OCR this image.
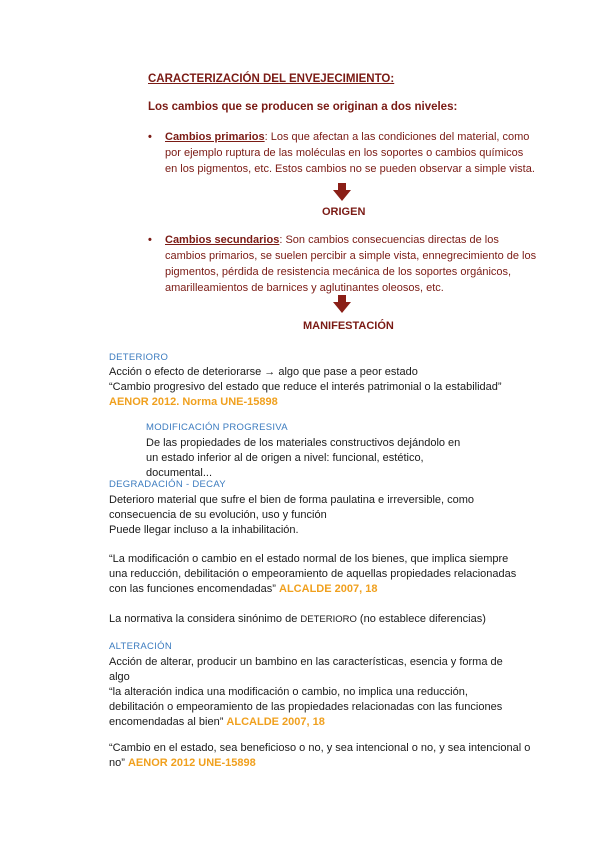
CARACTERIZACIÓN DEL ENVEJECIMIENTO:
Los cambios que se producen se originan a dos niveles:
• Cambios primarios: Los que afectan a las condiciones del material, como por ejemplo ruptura de las moléculas en los soportes o cambios químicos en los pigmentos, etc. Estos cambios no se pueden observar a simple vista.
ORIGEN
• Cambios secundarios: Son cambios consecuencias directas de los cambios primarios, se suelen percibir a simple vista, ennegrecimiento de los pigmentos, pérdida de resistencia mecánica de los soportes orgánicos, amarilleamientos de barnices y aglutinantes oleosos, etc.
MANIFESTACIÓN
DETERIORO
Acción o efecto de deteriorarse → algo que pase a peor estado
“Cambio progresivo del estado que reduce el interés patrimonial o la estabilidad”
AENOR 2012. Norma UNE-15898
MODIFICACIÓN PROGRESIVA
De las propiedades de los materiales constructivos dejándolo en un estado inferior al de origen a nivel: funcional, estético, documental...
DEGRADACIÓN - DECAY
Deterioro material que sufre el bien de forma paulatina e irreversible, como consecuencia de su evolución, uso y función
Puede llegar incluso a la inhabilitación.
“La modificación o cambio en el estado normal de los bienes, que implica siempre una reducción, debilitación o empeoramiento de aquellas propiedades relacionadas con las funciones encomendadas” ALCALDE 2007, 18
La normativa la considera sinónimo de DETERIORO (no establece diferencias)
ALTERACIÓN
Acción de alterar, producir un bambino en las características, esencia y forma de algo
“la alteración indica una modificación o cambio, no implica una reducción, debilitación o empeoramiento de las propiedades relacionadas con las funciones encomendadas al bien” ALCALDE 2007, 18
“Cambio en el estado, sea beneficioso o no, y sea intencional o no, y sea intencional o no” AENOR 2012 UNE-15898
